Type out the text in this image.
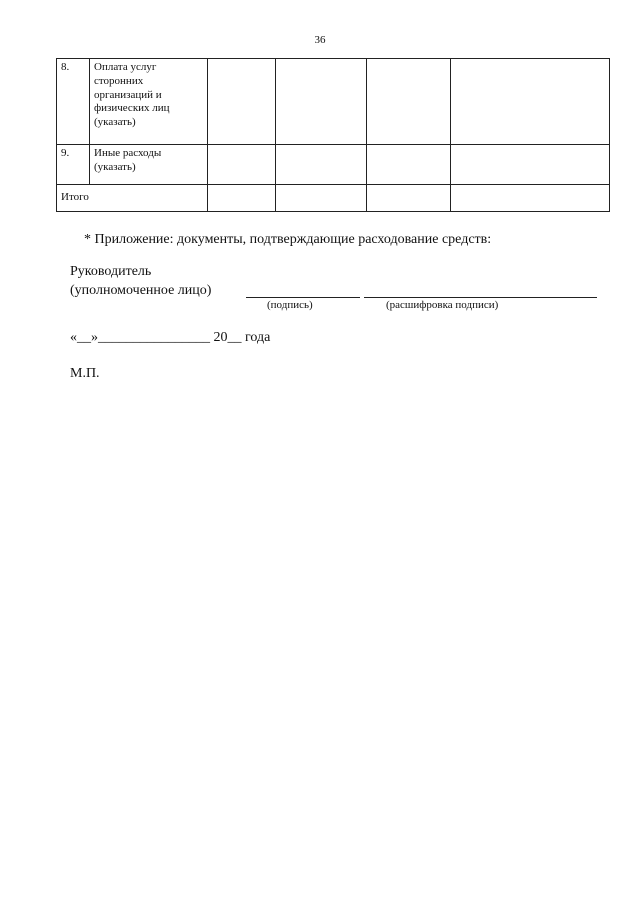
36
8.	Оплата услуг сторонних организаций и физических лиц (указать)				
9.	Иные расходы (указать)				
Итого					
* Приложение: документы, подтверждающие расходование средств:
Руководитель
(уполномоченное лицо)
(подпись)	(расшифровка подписи)
«__»________________ 20__ года
М.П.
